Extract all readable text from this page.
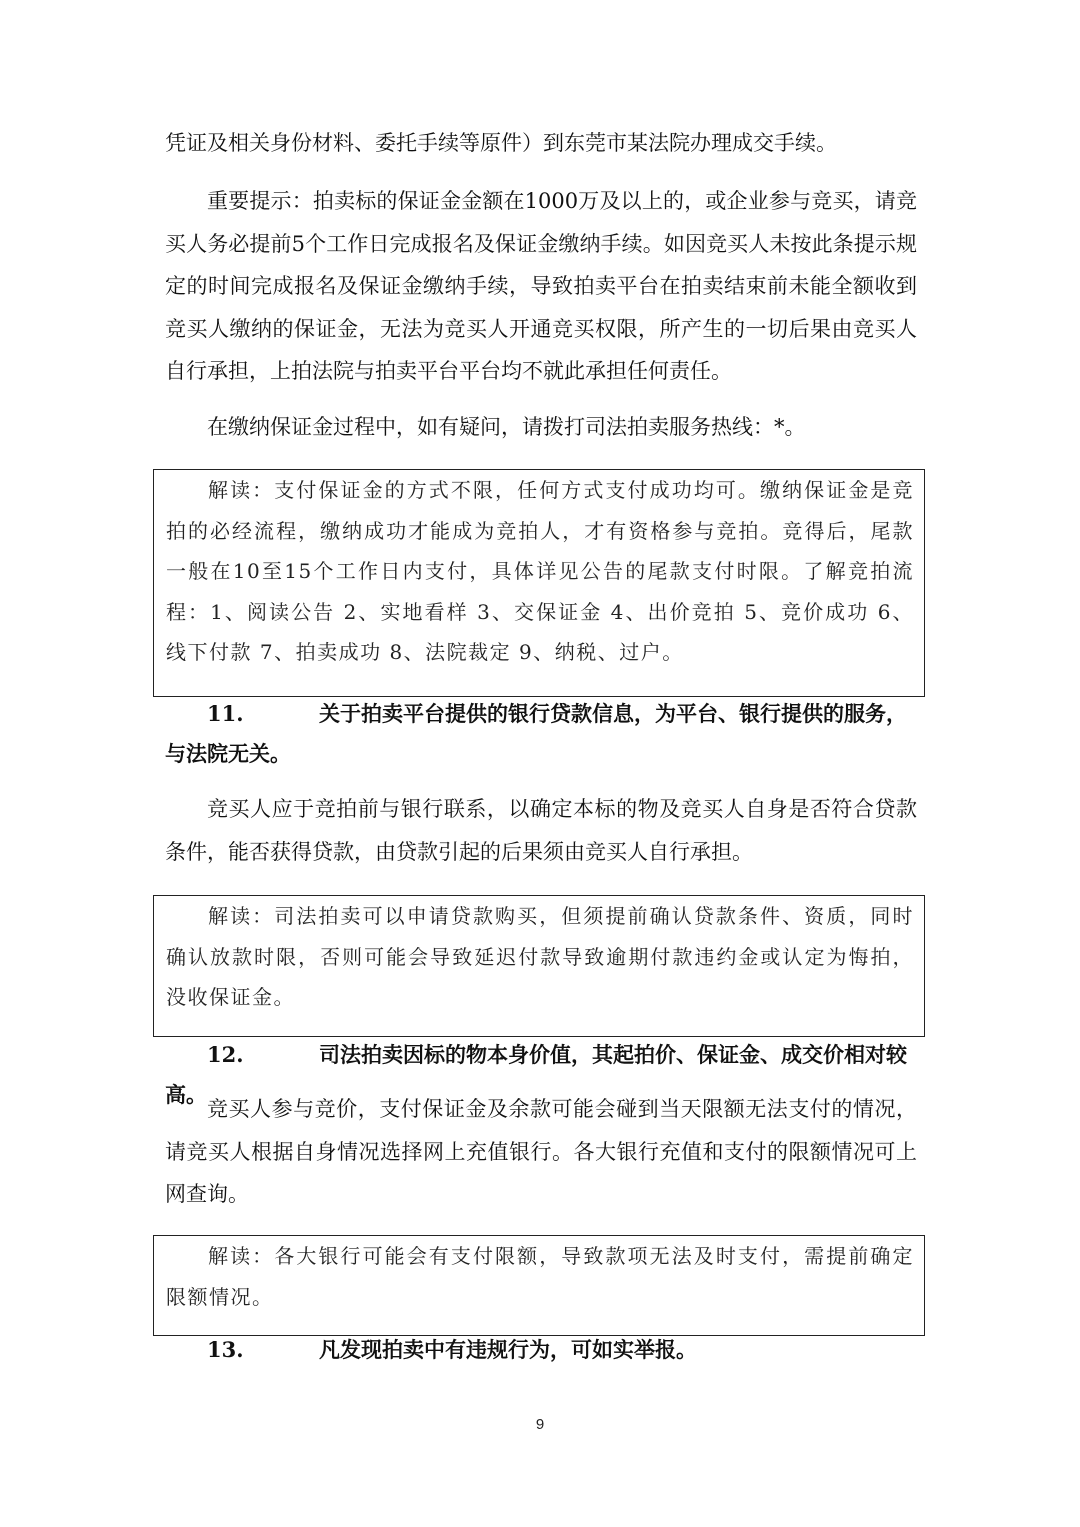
凭证及相关身份材料、委托手续等原件）到东莞市某法院办理成交手续。

重要提示：拍卖标的保证金金额在1000万及以上的，或企业参与竞买，请竞买人务必提前5个工作日完成报名及保证金缴纳手续。如因竞买人未按此条提示规定的时间完成报名及保证金缴纳手续，导致拍卖平台在拍卖结束前未能全额收到竞买人缴纳的保证金，无法为竞买人开通竞买权限，所产生的一切后果由竞买人自行承担，上拍法院与拍卖平台平台均不就此承担任何责任。

在缴纳保证金过程中，如有疑问，请拨打司法拍卖服务热线：*。

解读：支付保证金的方式不限，任何方式支付成功均可。缴纳保证金是竞拍的必经流程，缴纳成功才能成为竞拍人，才有资格参与竞拍。竞得后，尾款一般在10至15个工作日内支付，具体详见公告的尾款支付时限。了解竞拍流程：1、阅读公告 2、实地看样 3、交保证金 4、出价竞拍 5、竞价成功 6、线下付款 7、拍卖成功 8、法院裁定 9、纳税、过户。

11.	关于拍卖平台提供的银行贷款信息，为平台、银行提供的服务，与法院无关。

竞买人应于竞拍前与银行联系，以确定本标的物及竞买人自身是否符合贷款条件，能否获得贷款，由贷款引起的后果须由竞买人自行承担。

解读：司法拍卖可以申请贷款购买，但须提前确认贷款条件、资质，同时确认放款时限，否则可能会导致延迟付款导致逾期付款违约金或认定为悔拍，没收保证金。

12.	司法拍卖因标的物本身价值，其起拍价、保证金、成交价相对较高。

竞买人参与竞价，支付保证金及余款可能会碰到当天限额无法支付的情况，请竞买人根据自身情况选择网上充值银行。各大银行充值和支付的限额情况可上网查询。

解读：各大银行可能会有支付限额，导致款项无法及时支付，需提前确定限额情况。

13.	凡发现拍卖中有违规行为，可如实举报。

9
